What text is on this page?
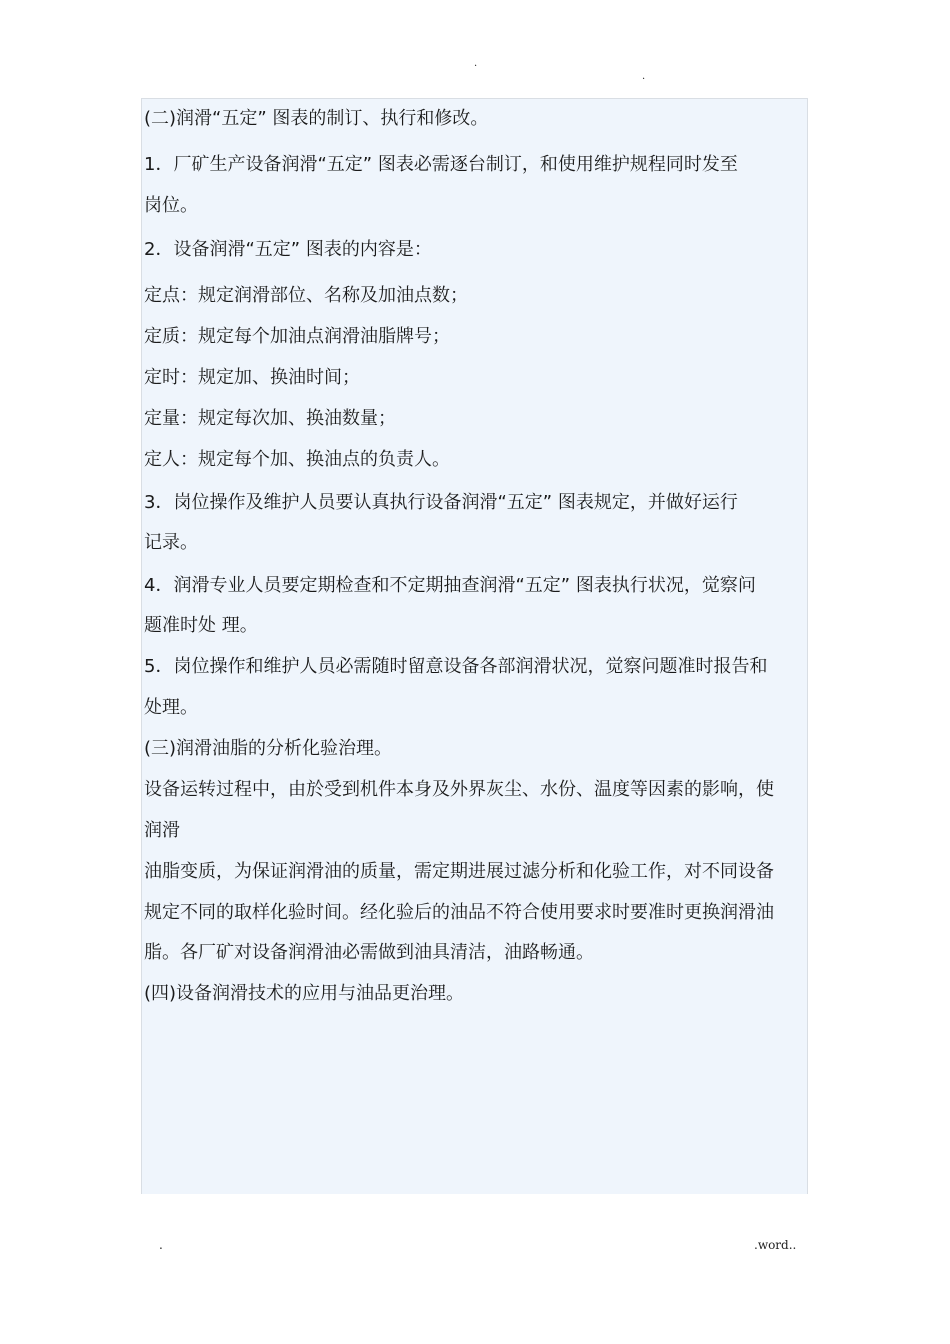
.
.
(二)润滑“五定” 图表的制订、执行和修改。
1．厂矿生产设备润滑“五定” 图表必需逐台制订，和使用维护规程同时发至
岗位。
2．设备润滑“五定” 图表的内容是：
定点：规定润滑部位、名称及加油点数；
定质：规定每个加油点润滑油脂牌号；
定时：规定加、换油时间；
定量：规定每次加、换油数量；
定人：规定每个加、换油点的负责人。
3．岗位操作及维护人员要认真执行设备润滑“五定” 图表规定，并做好运行
记录。
4．润滑专业人员要定期检查和不定期抽查润滑“五定” 图表执行状况，觉察问
题准时处 理。
5．岗位操作和维护人员必需随时留意设备各部润滑状况，觉察问题准时报告和
处理。
(三)润滑油脂的分析化验治理。
设备运转过程中，由於受到机件本身及外界灰尘、水份、温度等因素的影响，使
润滑
油脂变质，为保证润滑油的质量，需定期进展过滤分析和化验工作，对不同设备
规定不同的取样化验时间。经化验后的油品不符合使用要求时要准时更换润滑油
脂。各厂矿对设备润滑油必需做到油具清洁，油路畅通。
(四)设备润滑技术的应用与油品更治理。
.	.word..
